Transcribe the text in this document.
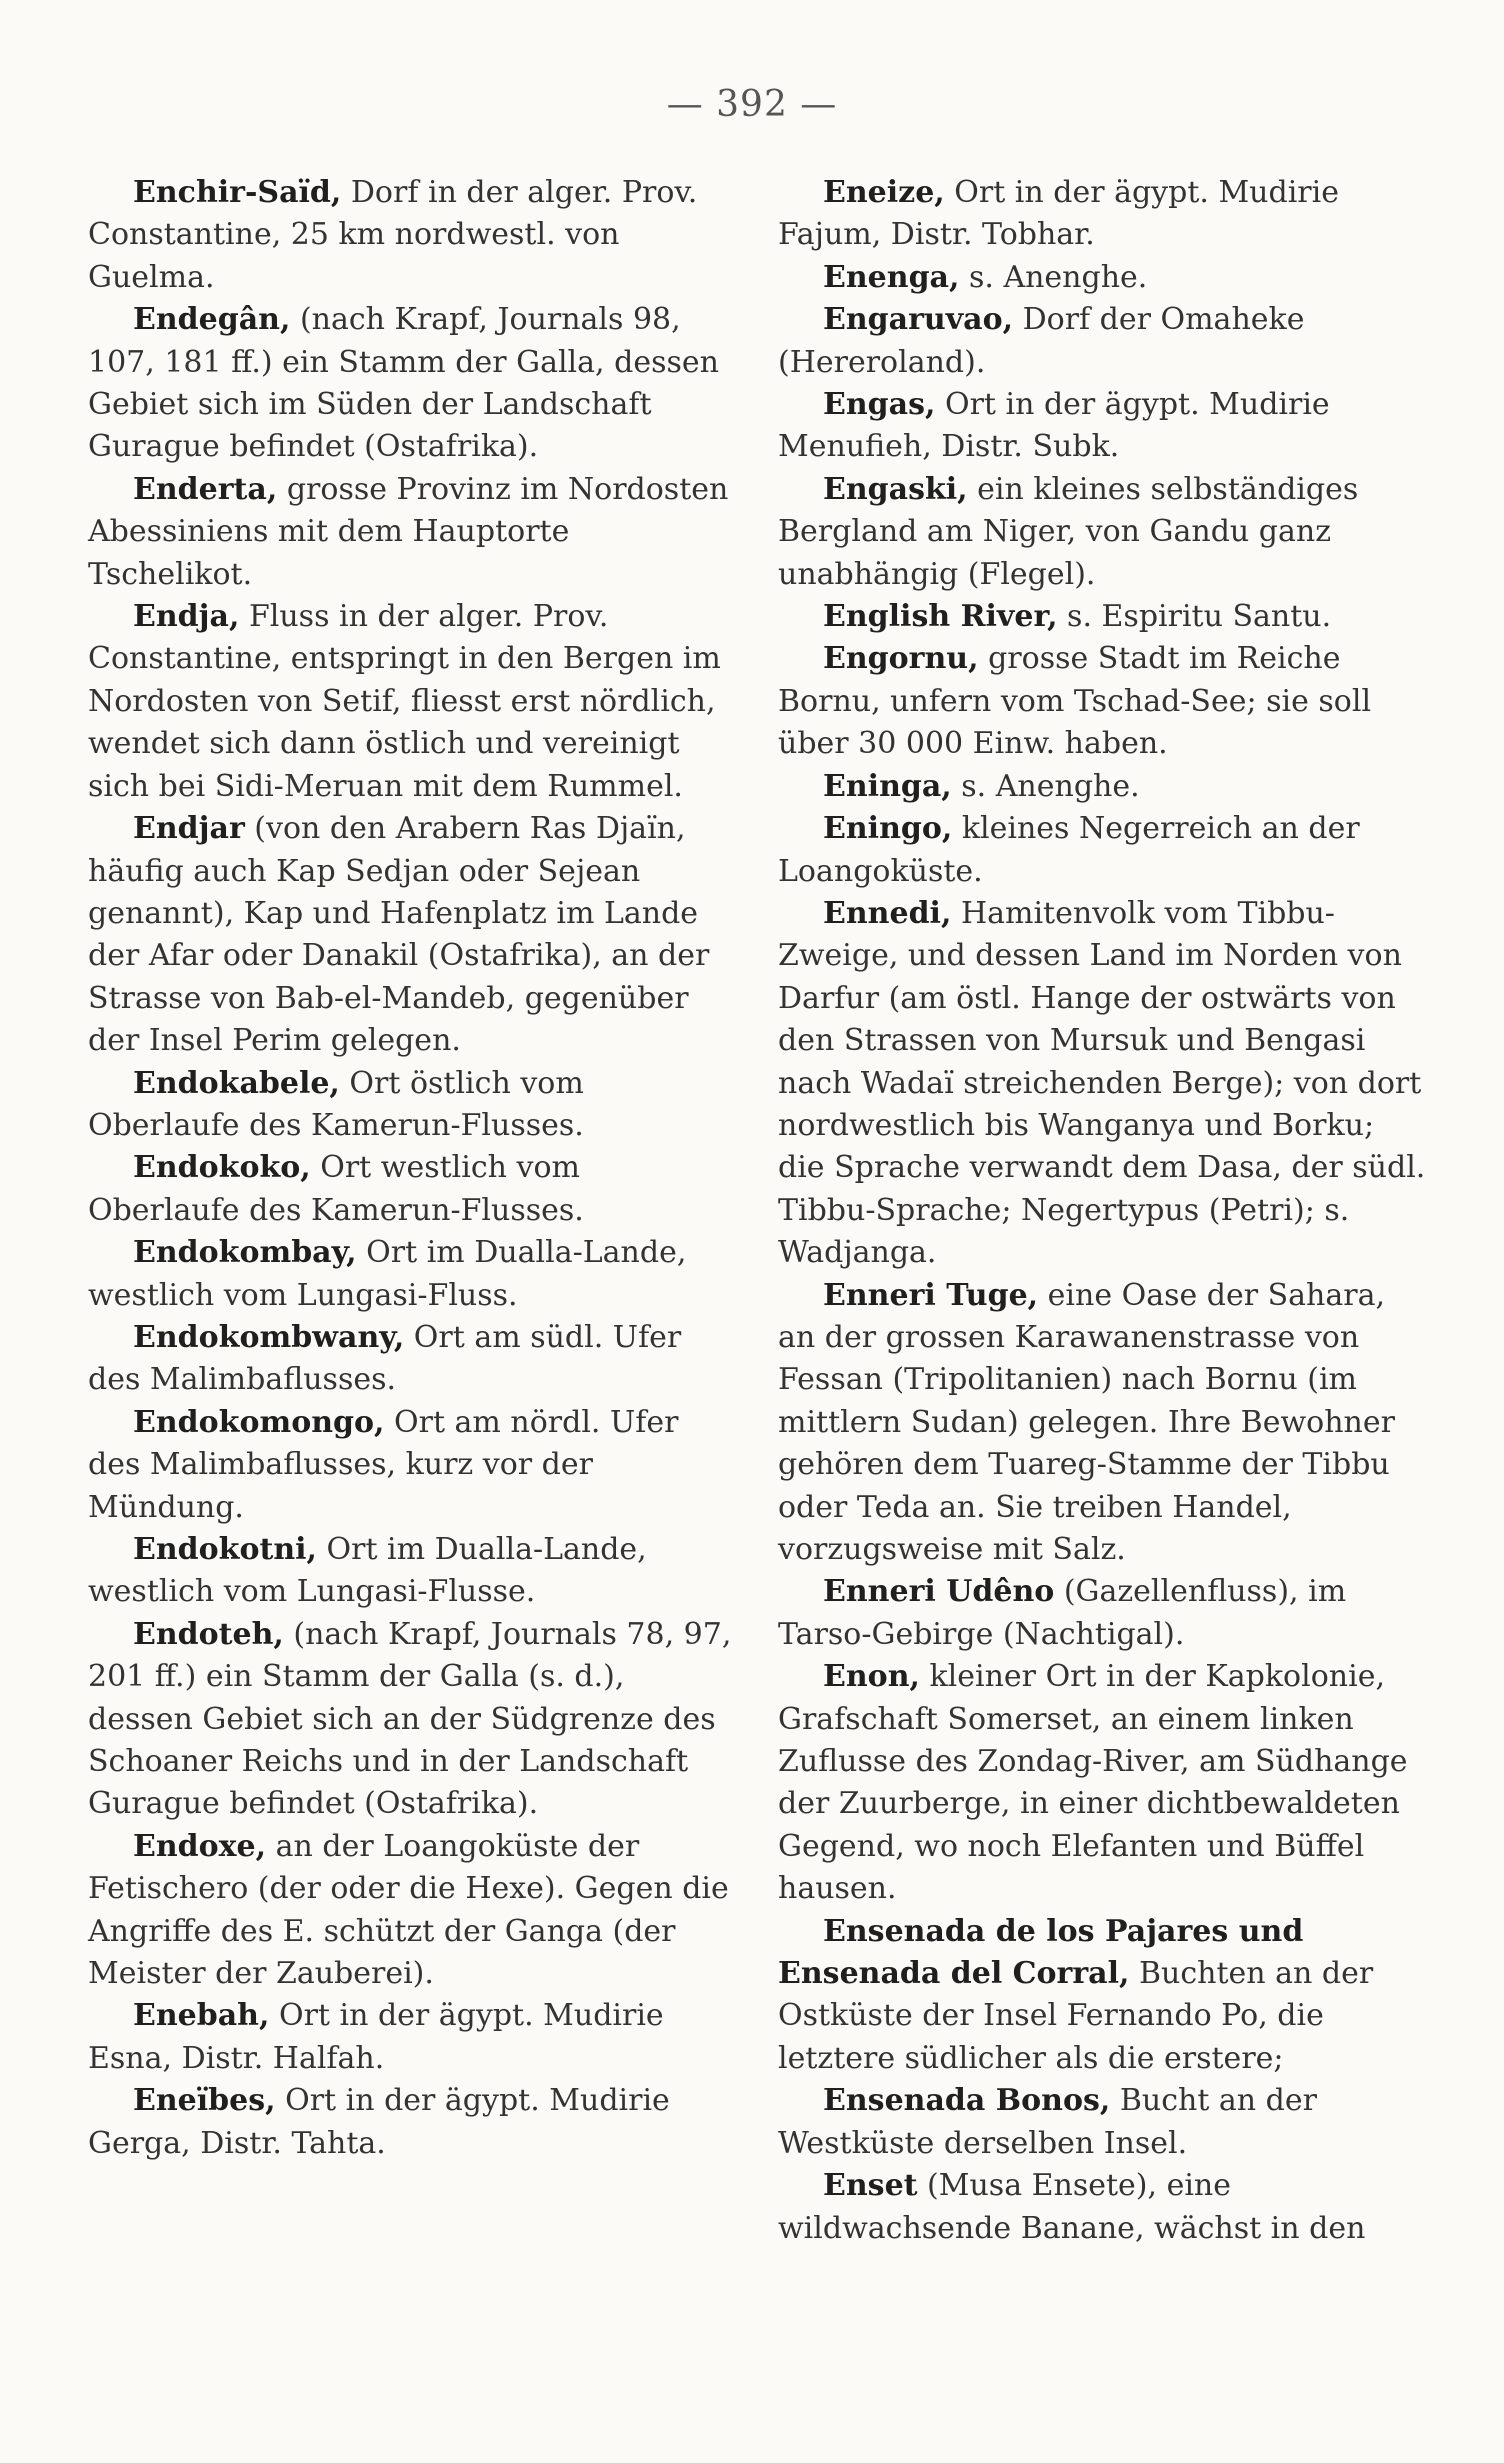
— 392 —

Enchir-Saïd, Dorf in der alger. Prov. Constantine, 25 km nordwestl. von Guelma.

Endegân, (nach Krapf, Journals 98, 107, 181 ff.) ein Stamm der Galla, dessen Gebiet sich im Süden der Landschaft Gurague befindet (Ostafrika).

Enderta, grosse Provinz im Nordosten Abessiniens mit dem Hauptorte Tschelikot.

Endja, Fluss in der alger. Prov. Constantine, entspringt in den Bergen im Nordosten von Setif, fliesst erst nördlich, wendet sich dann östlich und vereinigt sich bei Sidi-Meruan mit dem Rummel.

Endjar (von den Arabern Ras Djaïn, häufig auch Kap Sedjan oder Sejean genannt), Kap und Hafenplatz im Lande der Afar oder Danakil (Ostafrika), an der Strasse von Bab-el-Mandeb, gegenüber der Insel Perim gelegen.

Endokabele, Ort östlich vom Oberlaufe des Kamerun-Flusses.

Endokoko, Ort westlich vom Oberlaufe des Kamerun-Flusses.

Endokombay, Ort im Dualla-Lande, westlich vom Lungasi-Fluss.

Endokombwany, Ort am südl. Ufer des Malimbaflusses.

Endokomongo, Ort am nördl. Ufer des Malimbaflusses, kurz vor der Mündung.

Endokotni, Ort im Dualla-Lande, westlich vom Lungasi-Flusse.

Endoteh, (nach Krapf, Journals 78, 97, 201 ff.) ein Stamm der Galla (s. d.), dessen Gebiet sich an der Südgrenze des Schoaner Reichs und in der Landschaft Gurague befindet (Ostafrika).

Endoxe, an der Loangoküste der Fetischero (der oder die Hexe). Gegen die Angriffe des E. schützt der Ganga (der Meister der Zauberei).

Enebah, Ort in der ägypt. Mudirie Esna, Distr. Halfah.

Eneïbes, Ort in der ägypt. Mudirie Gerga, Distr. Tahta.

Eneize, Ort in der ägypt. Mudirie Fajum, Distr. Tobhar.

Enenga, s. Anenghe.

Engaruvao, Dorf der Omaheke (Hereroland).

Engas, Ort in der ägypt. Mudirie Menufieh, Distr. Subk.

Engaski, ein kleines selbständiges Bergland am Niger, von Gandu ganz unabhängig (Flegel).

English River, s. Espiritu Santu.

Engornu, grosse Stadt im Reiche Bornu, unfern vom Tschad-See; sie soll über 30 000 Einw. haben.

Eninga, s. Anenghe.

Eningo, kleines Negerreich an der Loangoküste.

Ennedi, Hamitenvolk vom Tibbu-Zweige, und dessen Land im Norden von Darfur (am östl. Hange der ostwärts von den Strassen von Mursuk und Bengasi nach Wadaï streichenden Berge); von dort nordwestlich bis Wanganya und Borku; die Sprache verwandt dem Dasa, der südl. Tibbu-Sprache; Negertypus (Petri); s. Wadjanga.

Enneri Tuge, eine Oase der Sahara, an der grossen Karawanenstrasse von Fessan (Tripolitanien) nach Bornu (im mittlern Sudan) gelegen. Ihre Bewohner gehören dem Tuareg-Stamme der Tibbu oder Teda an. Sie treiben Handel, vorzugsweise mit Salz.

Enneri Udêno (Gazellenfluss), im Tarso-Gebirge (Nachtigal).

Enon, kleiner Ort in der Kapkolonie, Grafschaft Somerset, an einem linken Zuflusse des Zondag-River, am Südhange der Zuurberge, in einer dichtbewaldeten Gegend, wo noch Elefanten und Büffel hausen.

Ensenada de los Pajares und Ensenada del Corral, Buchten an der Ostküste der Insel Fernando Po, die letztere südlicher als die erstere;

Ensenada Bonos, Bucht an der Westküste derselben Insel.

Enset (Musa Ensete), eine wildwachsende Banane, wächst in den
